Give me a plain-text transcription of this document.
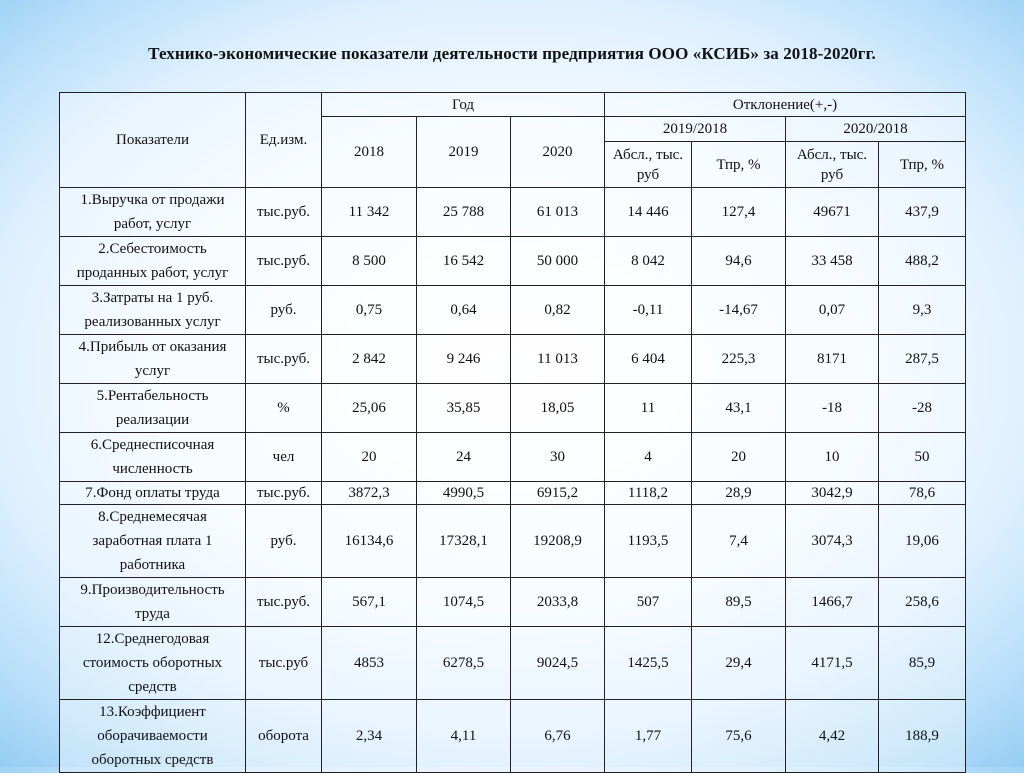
Технико-экономические показатели деятельности предприятия ООО «КСИБ» за 2018-2020гг.
Показатели	Ед.изм.	Год			Отклонение(+,-)			
		2018	2019	2020	2019/2018		2020/2018	
					Абсл., тыс. руб	Тпр, %	Абсл., тыс. руб	Тпр, %
1.Выручка от продажи работ, услуг	тыс.руб.	11 342	25 788	61 013	14 446	127,4	49671	437,9
2.Себестоимость проданных работ, услуг	тыс.руб.	8 500	16 542	50 000	8 042	94,6	33 458	488,2
3.Затраты на 1 руб. реализованных услуг	руб.	0,75	0,64	0,82	-0,11	-14,67	0,07	9,3
4.Прибыль от оказания услуг	тыс.руб.	2 842	9 246	11 013	6 404	225,3	8171	287,5
5.Рентабельность реализации	%	25,06	35,85	18,05	11	43,1	-18	-28
6.Среднесписочная численность	чел	20	24	30	4	20	10	50
7.Фонд оплаты труда	тыс.руб.	3872,3	4990,5	6915,2	1118,2	28,9	3042,9	78,6
8.Среднемесячая заработная плата 1 работника	руб.	16134,6	17328,1	19208,9	1193,5	7,4	3074,3	19,06
9.Производительность труда	тыс.руб.	567,1	1074,5	2033,8	507	89,5	1466,7	258,6
12.Среднегодовая стоимость оборотных средств	тыс.руб	4853	6278,5	9024,5	1425,5	29,4	4171,5	85,9
13.Коэффициент оборачиваемости оборотных средств	оборота	2,34	4,11	6,76	1,77	75,6	4,42	188,9
